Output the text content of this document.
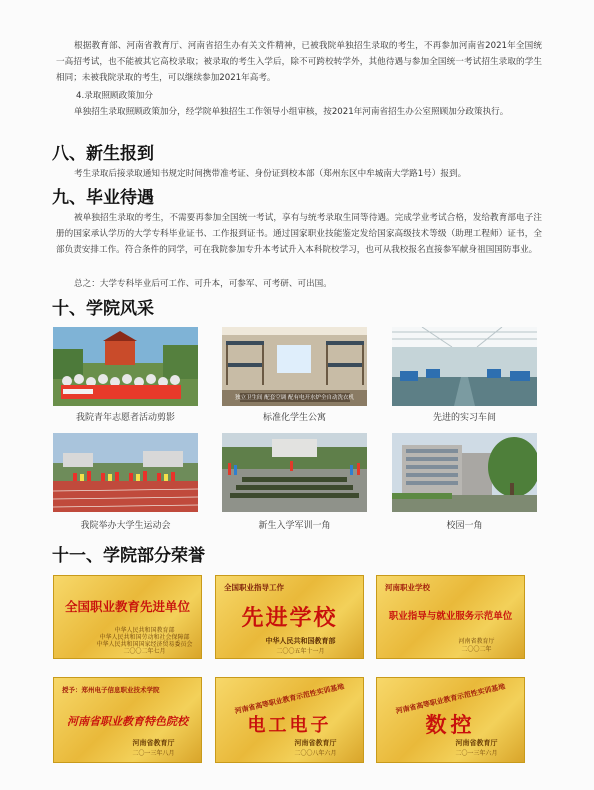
根据教育部、河南省教育厅、河南省招生办有关文件精神，已被我院单独招生录取的考生，不再参加河南省2021年全国统一高招考试，也不能被其它高校录取；被录取的考生入学后，除不可跨校转学外，其他待遇与参加全国统一考试招生录取的学生相同；未被我院录取的考生，可以继续参加2021年高考。

4.录取照顾政策加分

单独招生录取照顾政策加分，经学院单独招生工作领导小组审核，按2021年河南省招生办公室照顾加分政策执行。

八、新生报到

考生录取后接录取通知书规定时间携带准考证、身份证到校本部（郑州东区中牟城南大学路1号）报到。

九、毕业待遇

被单独招生录取的考生，不需要再参加全国统一考试，享有与统考录取生同等待遇。完成学业考试合格，发给教育部电子注册的国家承认学历的大学专科毕业证书、工作报到证书。通过国家职业技能鉴定发给国家高级技术等级（助理工程师）证书，全部负责安排工作。符合条件的同学，可在我院参加专升本考试升入本科院校学习，也可从我校报名直接参军献身祖国国防事业。

总之：大学专科毕业后可工作、可升本，可参军、可考研、可出国。

十、学院风采
我院青年志愿者活动剪影
独立卫生间 配套空调 配有电开水炉全自动洗衣机
标准化学生公寓	先进的实习车间
我院举办大学生运动会	新生入学军训一角	校园一角
十一、学院部分荣誉
全国职业教育先进单位
中华人民共和国教育部
中华人民共和国劳动和社会保障部
中华人民共和国国家经济贸易委员会
二〇〇二年七月
全国职业指导工作
先进学校
中华人民共和国教育部
二〇〇五年十一月
河南职业学校
职业指导与就业服务示范单位
河南省教育厅
二〇〇二年
授予：郑州电子信息职业技术学院
河南省职业教育特色院校
河南省教育厅
二〇一三年八月
河南省高等职业教育示范性实训基地
电工电子
河南省教育厅
二〇〇八年六月
河南省高等职业教育示范性实训基地
数控
河南省教育厅
二〇一三年六月
